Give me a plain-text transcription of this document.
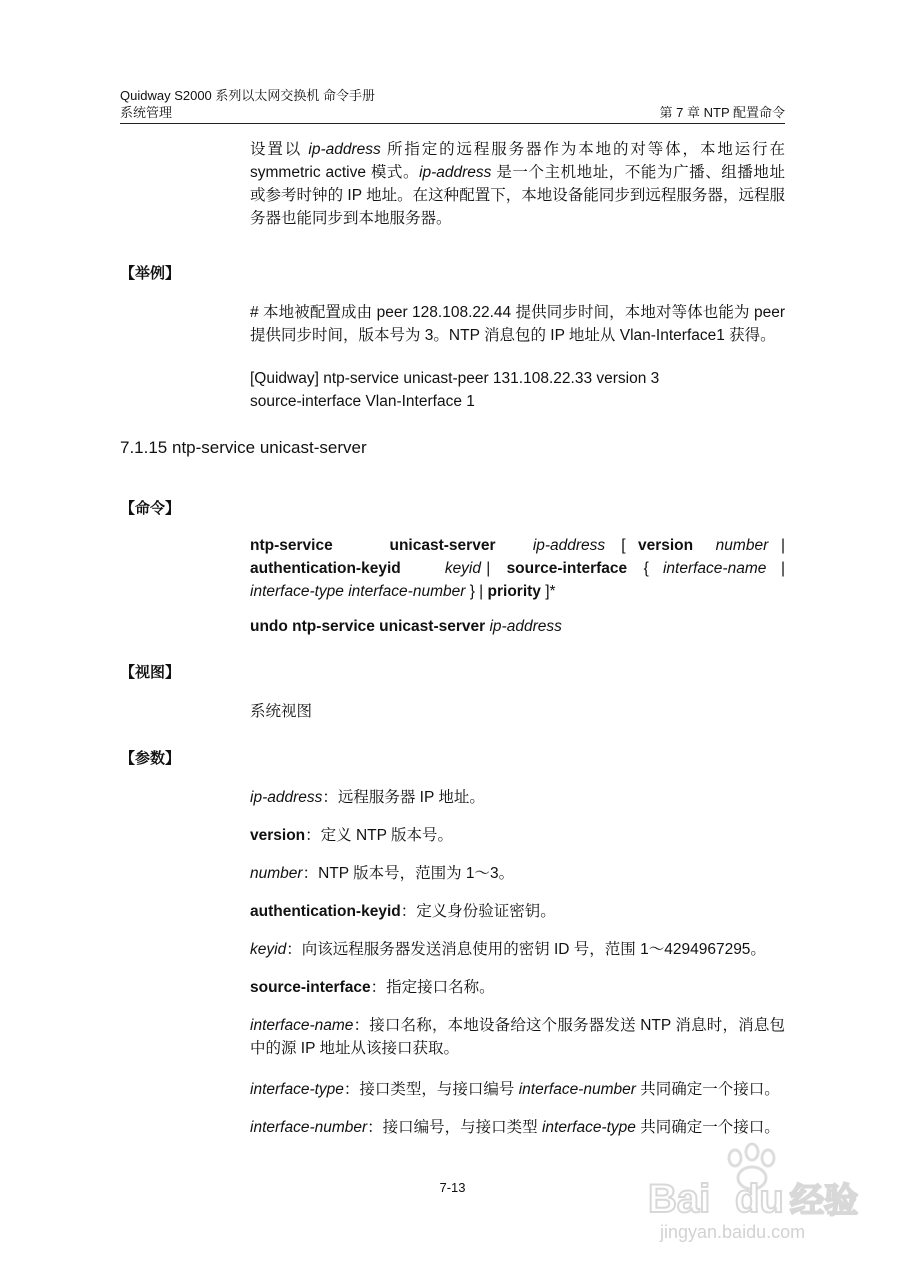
Quidway S2000 系列以太网交换机 命令手册
系统管理	第 7 章 NTP 配置命令
设置以 ip-address 所指定的远程服务器作为本地的对等体，本地运行在 symmetric active 模式。ip-address 是一个主机地址，不能为广播、组播地址或参考时钟的 IP 地址。在这种配置下，本地设备能同步到远程服务器，远程服务器也能同步到本地服务器。
【举例】
# 本地被配置成由 peer 128.108.22.44 提供同步时间，本地对等体也能为 peer 提供同步时间，版本号为 3。NTP 消息包的 IP 地址从 Vlan-Interface1 获得。
[Quidway] ntp-service unicast-peer 131.108.22.33 version 3
source-interface Vlan-Interface 1
7.1.15 ntp-service unicast-server
【命令】
ntp-service	unicast-server	ip-address	[	version	number	|
authentication-keyid	keyid	|	source-interface	{	interface-name	|
interface-type interface-number } | priority ]*
undo ntp-service unicast-server ip-address
【视图】
系统视图
【参数】
ip-address：远程服务器 IP 地址。
version：定义 NTP 版本号。
number：NTP 版本号，范围为 1～3。
authentication-keyid：定义身份验证密钥。
keyid：向该远程服务器发送消息使用的密钥 ID 号，范围 1～4294967295。
source-interface：指定接口名称。
interface-name：接口名称，本地设备给这个服务器发送 NTP 消息时，消息包中的源 IP 地址从该接口获取。
interface-type：接口类型，与接口编号 interface-number 共同确定一个接口。
interface-number：接口编号，与接口类型 interface-type 共同确定一个接口。
7-13	Bai du 经验
jingyan.baidu.com
